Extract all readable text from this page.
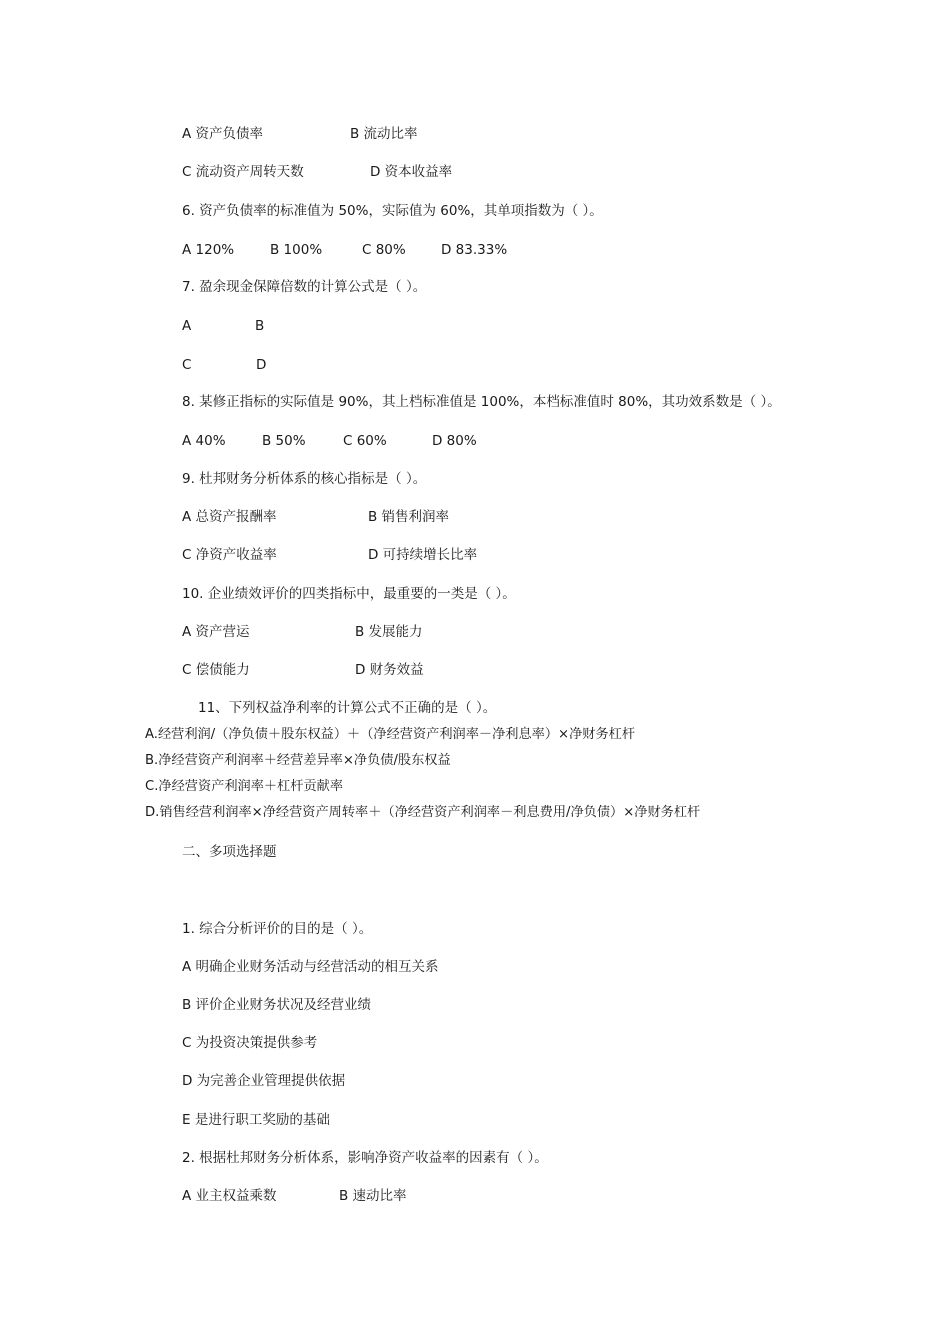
A 资产负债率	B 流动比率
C 流动资产周转天数	D 资本收益率
6. 资产负债率的标准值为 50%，实际值为 60%，其单项指数为（ ）。
A 120%	B 100%	C 80%	D 83.33%
7. 盈余现金保障倍数的计算公式是（ ）。
A	B
C	D
8. 某修正指标的实际值是 90%，其上档标准值是 100%，本档标准值时 80%，其功效系数是（ ）。
A 40%	B 50%	C 60%	D 80%
9. 杜邦财务分析体系的核心指标是（ ）。
A 总资产报酬率	B 销售利润率
C 净资产收益率	D 可持续增长比率
10. 企业绩效评价的四类指标中，最重要的一类是（ ）。
A 资产营运	B 发展能力
C 偿债能力	D 财务效益
11、下列权益净利率的计算公式不正确的是（ ）。
A.经营利润/（净负债＋股东权益）＋（净经营资产利润率－净利息率）×净财务杠杆
B.净经营资产利润率＋经营差异率×净负债/股东权益
C.净经营资产利润率＋杠杆贡献率
D.销售经营利润率×净经营资产周转率＋（净经营资产利润率－利息费用/净负债）×净财务杠杆
二、多项选择题
1. 综合分析评价的目的是（ ）。
A 明确企业财务活动与经营活动的相互关系
B 评价企业财务状况及经营业绩
C 为投资决策提供参考
D 为完善企业管理提供依据
E 是进行职工奖励的基础
2. 根据杜邦财务分析体系，影响净资产收益率的因素有（ ）。
A 业主权益乘数	B 速动比率
